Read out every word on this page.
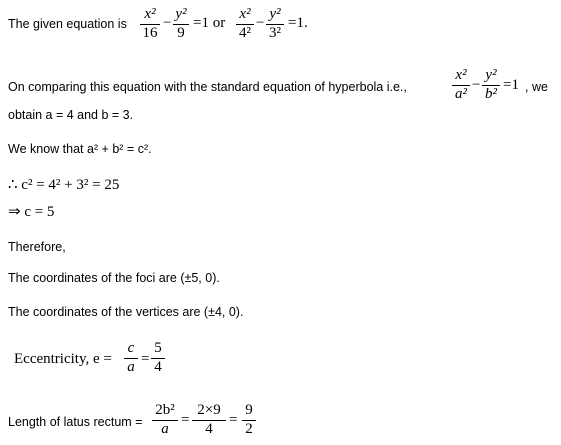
The given equation is
x²
16
−
y²
9
=1 or
x²
4²
−
y²
3²
=1.
On comparing this equation with the standard equation of hyperbola i.e.,
x²
a²
−
y²
b²
=1 , we
obtain a = 4 and b = 3.
We know that a² + b² = c².
∴ c² = 4² + 3² = 25
⇒ c = 5
Therefore,
The coordinates of the foci are (±5, 0).
The coordinates of the vertices are (±4, 0).
Eccentricity, e =
c
a =
5
4
Length of latus rectum =
2b²
a
=
2×9
4
=
9
2
